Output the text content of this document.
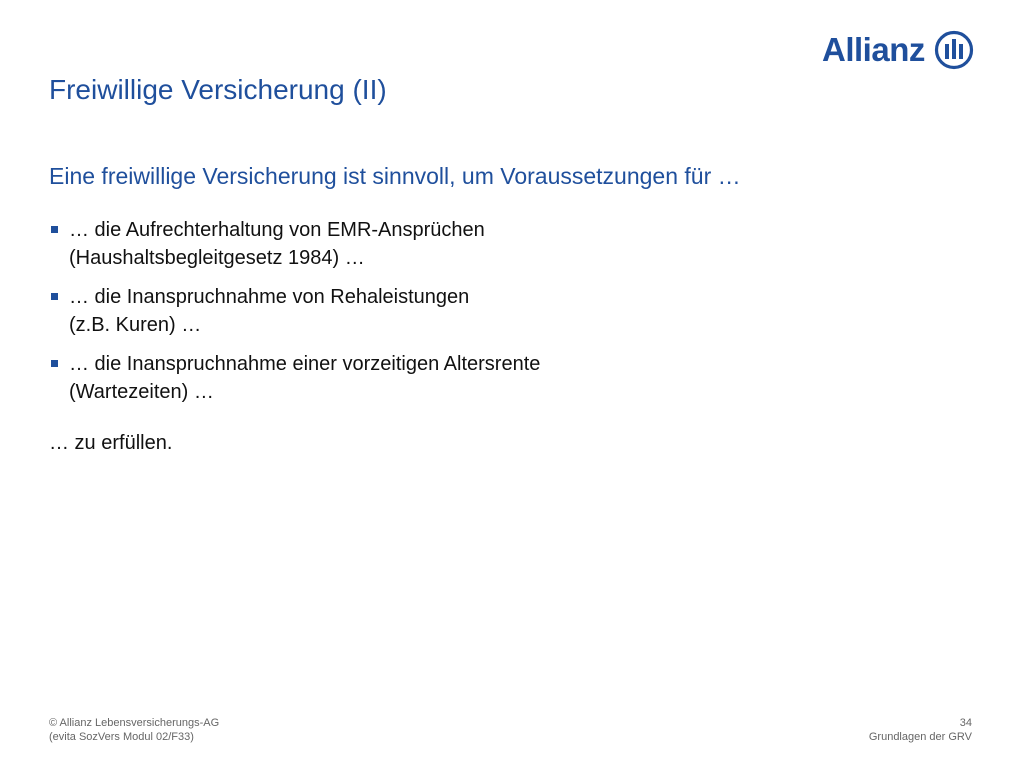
Allianz
Freiwillige Versicherung (II)
Eine freiwillige Versicherung ist sinnvoll, um Voraussetzungen für …
… die Aufrechterhaltung von EMR-Ansprüchen
(Haushaltsbegleitgesetz 1984) …
… die Inanspruchnahme von Rehaleistungen
(z.B. Kuren) …
… die Inanspruchnahme einer vorzeitigen Altersrente
(Wartezeiten) …

… zu erfüllen.

© Allianz Lebensversicherungs-AG
(evita SozVers Modul 02/F33)
34
Grundlagen der GRV
